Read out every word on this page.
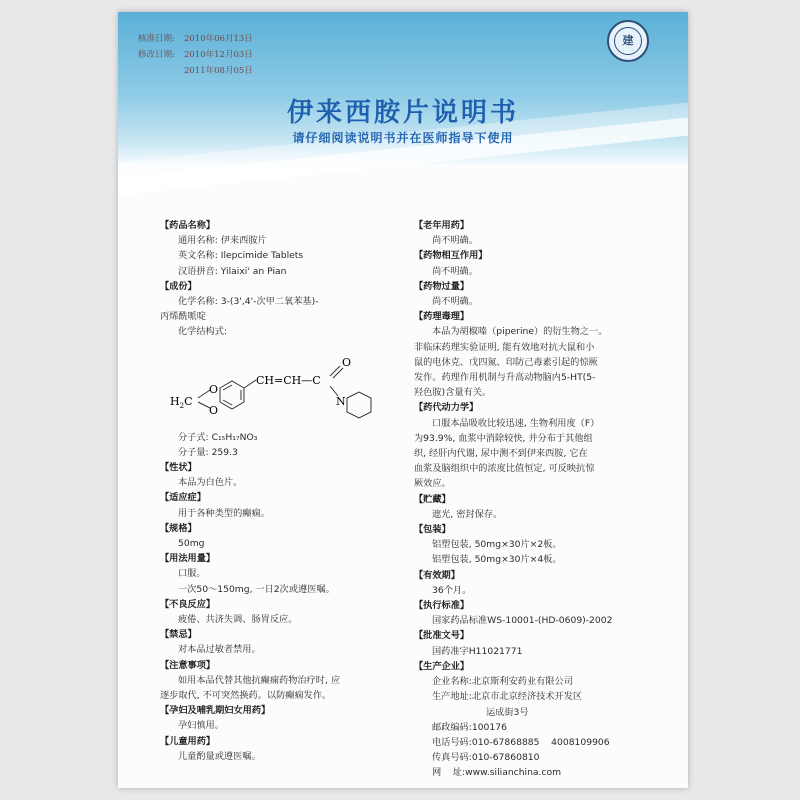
核准日期: 2010年06月13日
修改日期: 2010年12月03日
2011年08月05日
建
伊来西胺片说明书
请仔细阅读说明书并在医师指导下使用
【药品名称】
通用名称: 伊来西胺片
英文名称: Ilepcimide Tablets
汉语拼音: Yilaixi' an Pian
【成份】
化学名称: 3-(3',4'-次甲二氧苯基)-
丙烯酰哌啶
化学结构式:
$H_2C$
O
O
CH=CH—C
O
N
分子式: C₁₅H₁₇NO₃
分子量: 259.3
【性状】
本品为白色片。
【适应症】
用于各种类型的癫痫。
【规格】
50mg
【用法用量】
口服。
一次50～150mg, 一日2次或遵医嘱。
【不良反应】
疲倦、共济失调、肠胃反应。
【禁忌】
对本品过敏者禁用。
【注意事项】
如用本品代替其他抗癫痫药物治疗时, 应
逐步取代, 不可突然换药。以防癫痫发作。
【孕妇及哺乳期妇女用药】
孕妇慎用。
【儿童用药】
儿童酌量或遵医嘱。
【老年用药】
尚不明确。
【药物相互作用】
尚不明确。
【药物过量】
尚不明确。
【药理毒理】
本品为胡椒嗪（piperine）的衍生物之一。
非临床药理实验证明, 能有效地对抗大鼠和小
鼠的电休克、戊四氮、印防己毒素引起的惊厥
发作。药理作用机制与升高动物脑内5-HT(5-
羟色胺)含量有关。
【药代动力学】
口服本品吸收比较迅速, 生物利用度（F）
为93.9%, 血浆中消除较快, 并分布于其他组
织, 经肝内代谢, 尿中测不到伊来西胺, 它在
血浆及脑组织中的浓度比值恒定, 可反映抗惊
厥效应。
【贮藏】
遮光, 密封保存。
【包装】
铝塑包装, 50mg×30片×2板。
铝塑包装, 50mg×30片×4板。
【有效期】
36个月。
【执行标准】
国家药品标准WS-10001-(HD-0609)-2002
【批准文号】
国药准字H11021771
【生产企业】
企业名称: 北京斯利安药业有限公司
生产地址: 北京市北京经济技术开发区
运成街3号
邮政编码: 100176
电话号码: 010-67868885    4008109906
传真号码: 010-67860810
网    址: www.silianchina.com
